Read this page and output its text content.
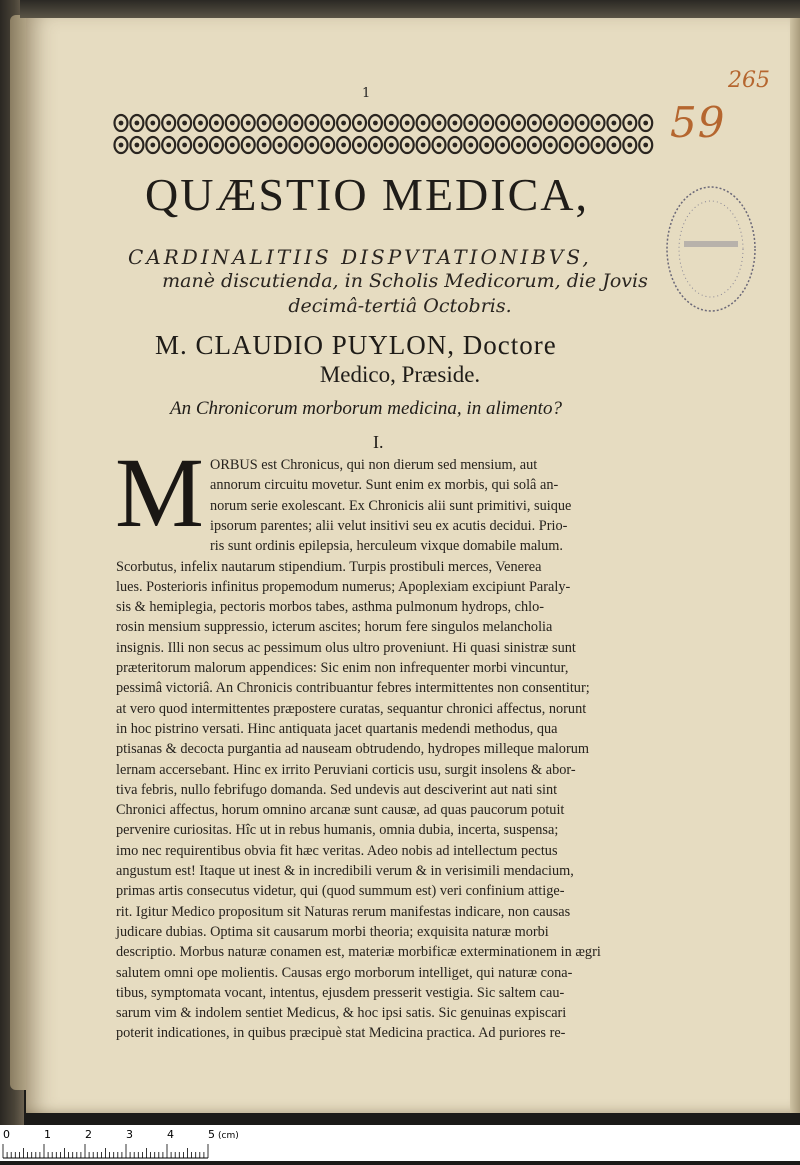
1
265
59
QUÆSTIO MEDICA,
CARDINALITIIS DISPVTATIONIBVS,
manè discutienda, in Scholis Medicorum, die Jovis
decimâ-tertiâ Octobris.
M. CLAUDIO PUYLON, Doctore
Medico, Præside.
An Chronicorum morborum medicina, in alimento?
I.
M ORBUS est Chronicus, qui non dierum sed mensium, aut
annorum circuitu movetur. Sunt enim ex morbis, qui solâ an-
norum serie exolescant. Ex Chronicis alii sunt primitivi, suique
ipsorum parentes; alii velut insitivi seu ex acutis decidui. Prio-
ris sunt ordinis epilepsia, herculeum vixque domabile malum.
Scorbutus, infelix nautarum stipendium. Turpis prostibuli merces, Venerea
lues. Posterioris infinitus propemodum numerus; Apoplexiam excipiunt Paraly-
sis & hemiplegia, pectoris morbos tabes, asthma pulmonum hydrops, chlo-
rosin mensium suppressio, icterum ascites; horum fere singulos melancholia
insignis. Illi non secus ac pessimum olus ultro proveniunt. Hi quasi sinistræ sunt
præteritorum malorum appendices: Sic enim non infrequenter morbi vincuntur,
pessimâ victoriâ. An Chronicis contribuantur febres intermittentes non consentitur;
at vero quod intermittentes præpostere curatas, sequantur chronici affectus, norunt
in hoc pistrino versati. Hinc antiquata jacet quartanis medendi methodus, qua
ptisanas & decocta purgantia ad nauseam obtrudendo, hydropes milleque malorum
lernam accersebant. Hinc ex irrito Peruviani corticis usu, surgit insolens & abor-
tiva febris, nullo febrifugo domanda. Sed undevis aut desciverint aut nati sint
Chronici affectus, horum omnino arcanæ sunt causæ, ad quas paucorum potuit
pervenire curiositas. Hîc ut in rebus humanis, omnia dubia, incerta, suspensa;
imo nec requirentibus obvia fit hæc veritas. Adeo nobis ad intellectum pectus
angustum est! Itaque ut inest & in incredibili verum & in verisimili mendacium,
primas artis consecutus videtur, qui (quod summum est) veri confinium attige-
rit. Igitur Medico propositum sit Naturas rerum manifestas indicare, non causas
judicare dubias. Optima sit causarum morbi theoria; exquisita naturæ morbi
descriptio. Morbus naturæ conamen est, materiæ morbificæ exterminationem in ægri
salutem omni ope molientis. Causas ergo morborum intelliget, qui naturæ cona-
tibus, symptomata vocant, intentus, ejusdem presserit vestigia. Sic saltem cau-
sarum vim & indolem sentiet Medicus, & hoc ipsi satis. Sic genuinas expiscari
poterit indicationes, in quibus præcipuè stat Medicina practica. Ad puriores re-
0	1	2	3	4	5 (cm)
